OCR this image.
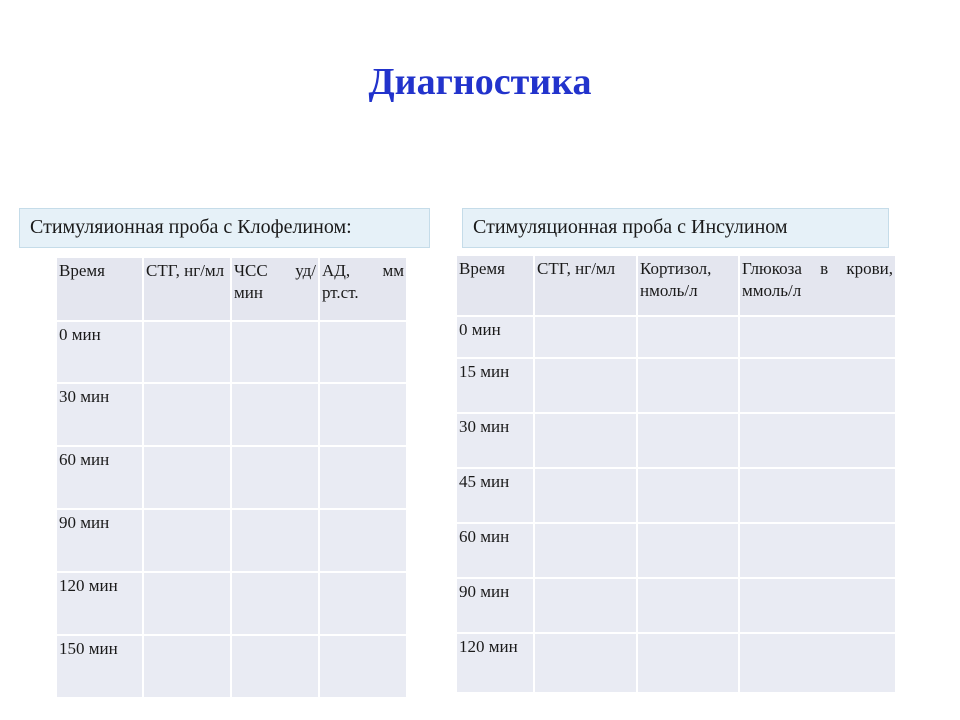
Диагностика
Стимуляионная проба с Клофелином:	Стимуляционная проба с Инсулином
Время	СТГ, нг/мл	ЧСС уд/мин	АД, мм рт.ст.
0 мин			
30 мин			
60 мин			
90 мин			
120 мин			
150 мин			
Время	СТГ, нг/мл	Кортизол, нмоль/л	Глюкоза в крови, ммоль/л
0 мин			
15 мин			
30 мин			
45 мин			
60 мин			
90 мин			
120 мин			
